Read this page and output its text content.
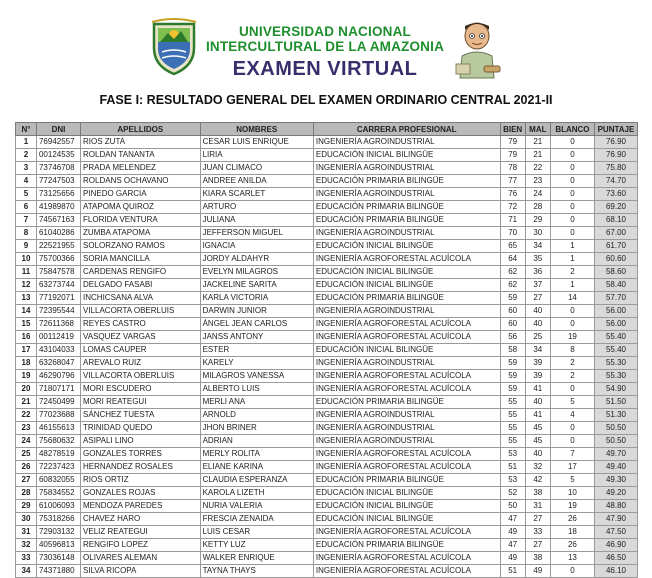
UNIVERSIDAD NACIONAL
INTERCULTURAL DE LA AMAZONIA
EXAMEN VIRTUAL
FASE I: RESULTADO GENERAL DEL EXAMEN ORDINARIO CENTRAL 2021-II
N°	DNI	APELLIDOS	NOMBRES	CARRERA PROFESIONAL	BIEN	MAL	BLANCO	PUNTAJE
1	76942557	RIOS ZUTA	CESAR LUIS ENRIQUE	INGENIERÍA AGROINDUSTRIAL	79	21	0	76.90
2	00124535	ROLDAN TANANTA	LIRIA	EDUCACIÓN INICIAL BILINGÜE	79	21	0	76.90
3	73746708	PRADA MELENDEZ	JUAN CLIMACO	INGENIERÍA AGROINDUSTRIAL	78	22	0	75.80
4	77247503	ROLDANS OCHAVANO	ANDREE ANILDA	EDUCACIÓN PRIMARIA BILINGÜE	77	23	0	74.70
5	73125656	PINEDO GARCIA	KIARA SCARLET	INGENIERÍA AGROINDUSTRIAL	76	24	0	73.60
6	41989870	ATAPOMA QUIROZ	ARTURO	EDUCACIÓN PRIMARIA BILINGÜE	72	28	0	69.20
7	74567163	FLORIDA VENTURA	JULIANA	EDUCACIÓN PRIMARIA BILINGÜE	71	29	0	68.10
8	61040286	ZUMBA ATAPOMA	JEFFERSON MIGUEL	INGENIERÍA AGROINDUSTRIAL	70	30	0	67.00
9	22521955	SOLORZANO RAMOS	IGNACIA	EDUCACIÓN INICIAL BILINGÜE	65	34	1	61.70
10	75700366	SORIA MANCILLA	JORDY ALDAHYR	INGENIERÍA AGROFORESTAL ACUÍCOLA	64	35	1	60.60
11	75847578	CARDENAS RENGIFO	EVELYN MILAGROS	EDUCACIÓN INICIAL BILINGÜE	62	36	2	58.60
12	63273744	DELGADO FASABI	JACKELINE SARITA	EDUCACIÓN INICIAL BILINGÜE	62	37	1	58.40
13	77192071	INCHICSANA ALVA	KARLA VICTORIA	EDUCACIÓN PRIMARIA BILINGÜE	59	27	14	57.70
14	72395544	VILLACORTA OBERLUIS	DARWIN JUNIOR	INGENIERÍA AGROINDUSTRIAL	60	40	0	56.00
15	72611368	REYES CASTRO	ÁNGEL JEAN CARLOS	INGENIERÍA AGROFORESTAL ACUÍCOLA	60	40	0	56.00
16	00112419	VASQUEZ VARGAS	JANSS ANTONY	INGENIERÍA AGROFORESTAL ACUÍCOLA	56	25	19	55.40
17	43104033	LOMAS CAUPER	ESTER	EDUCACIÓN INICIAL BILINGÜE	58	34	8	55.40
18	63268047	AREVALO RUIZ	KARELY	INGENIERÍA AGROINDUSTRIAL	59	39	2	55.30
19	46290796	VILLACORTA OBERLUIS	MILAGROS VANESSA	INGENIERÍA AGROFORESTAL ACUÍCOLA	59	39	2	55.30
20	71807171	MORI ESCUDERO	ALBERTO LUIS	INGENIERÍA AGROFORESTAL ACUÍCOLA	59	41	0	54.90
21	72450499	MORI REATEGUI	MERLI ANA	EDUCACIÓN PRIMARIA BILINGÜE	55	40	5	51.50
22	77023688	SÁNCHEZ TUESTA	ARNOLD	INGENIERÍA AGROINDUSTRIAL	55	41	4	51.30
23	46155613	TRINIDAD QUEDO	JHON BRINER	INGENIERÍA AGROINDUSTRIAL	55	45	0	50.50
24	75680632	ASIPALI LINO	ADRIAN	INGENIERÍA AGROINDUSTRIAL	55	45	0	50.50
25	48278519	GONZALES TORRES	MERLY ROLITA	INGENIERÍA AGROFORESTAL ACUÍCOLA	53	40	7	49.70
26	72237423	HERNANDEZ ROSALES	ELIANE KARINA	INGENIERÍA AGROFORESTAL ACUÍCOLA	51	32	17	49.40
27	60832055	RIOS ORTIZ	CLAUDIA ESPERANZA	EDUCACIÓN PRIMARIA BILINGÜE	53	42	5	49.30
28	75834552	GONZALES ROJAS	KAROLA LIZETH	EDUCACIÓN INICIAL BILINGÜE	52	38	10	49.20
29	61006093	MENDOZA PAREDES	NURIA VALERIA	EDUCACIÓN INICIAL BILINGÜE	50	31	19	48.80
30	75318266	CHAVEZ HARO	FRESCIA ZENAIDA	EDUCACIÓN INICIAL BILINGÜE	47	27	26	47.90
31	72903132	VELIZ REATEGUI	LUIS CESAR	INGENIERÍA AGROFORESTAL ACUÍCOLA	49	33	18	47.50
32	40596813	RENGIFO LOPEZ	KETTY LUZ	EDUCACIÓN PRIMARIA BILINGÜE	47	27	26	46.90
33	73036148	OLIVARES ALEMAN	WALKER ENRIQUE	INGENIERÍA AGROFORESTAL ACUÍCOLA	49	38	13	46.50
34	74371880	SILVA RICOPA	TAYNA THAYS	INGENIERÍA AGROFORESTAL ACUÍCOLA	51	49	0	46.10
